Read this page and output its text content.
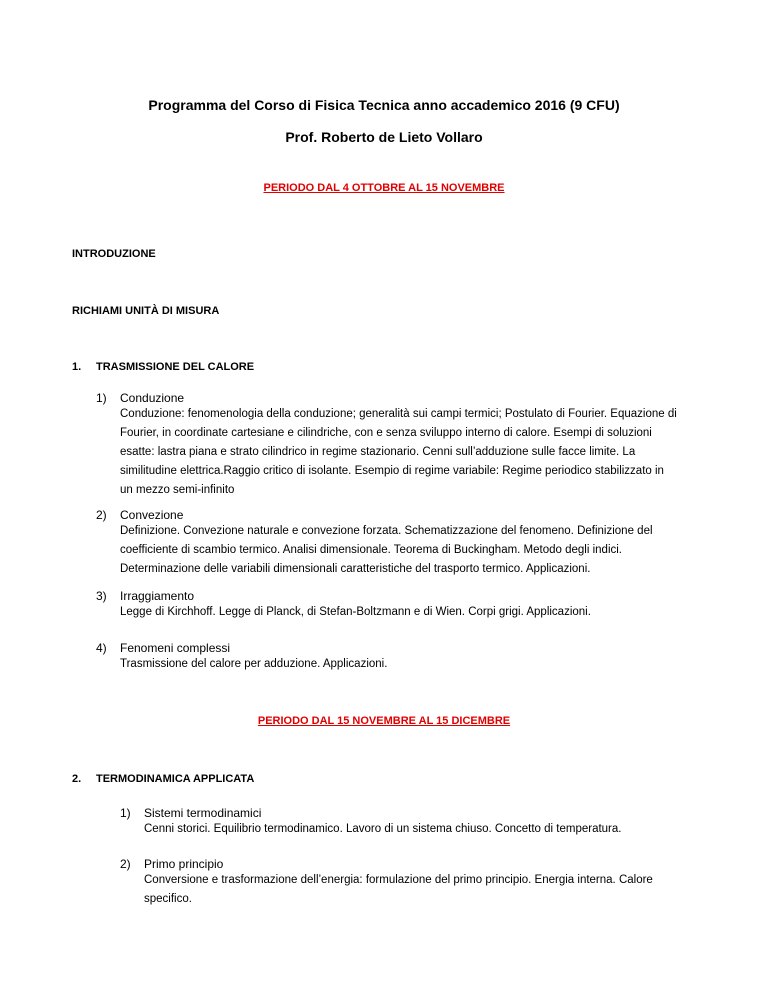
Programma del Corso di Fisica Tecnica anno accademico 2016 (9 CFU)
Prof. Roberto de Lieto Vollaro
PERIODO DAL 4 OTTOBRE AL 15 NOVEMBRE
INTRODUZIONE
RICHIAMI UNITÀ DI MISURA
1. TRASMISSIONE DEL CALORE
1) Conduzione
Conduzione: fenomenologia della conduzione; generalità sui campi termici; Postulato di Fourier. Equazione di
Fourier, in coordinate cartesiane e cilindriche, con e senza sviluppo interno di calore. Esempi di soluzioni
esatte: lastra piana e strato cilindrico in regime stazionario. Cenni sull’adduzione sulle facce limite. La
similitudine elettrica.Raggio critico di isolante. Esempio di regime variabile: Regime periodico stabilizzato in
un mezzo semi-infinito
2) Convezione
Definizione. Convezione naturale e convezione forzata. Schematizzazione del fenomeno. Definizione del
coefficiente di scambio termico. Analisi dimensionale. Teorema di Buckingham. Metodo degli indici.
Determinazione delle variabili dimensionali caratteristiche del trasporto termico. Applicazioni.
3) Irraggiamento
Legge di Kirchhoff. Legge di Planck, di Stefan-Boltzmann e di Wien. Corpi grigi. Applicazioni.
4) Fenomeni complessi
Trasmissione del calore per adduzione. Applicazioni.
PERIODO DAL 15 NOVEMBRE AL 15 DICEMBRE
2. TERMODINAMICA APPLICATA
1) Sistemi termodinamici
Cenni storici. Equilibrio termodinamico. Lavoro di un sistema chiuso. Concetto di temperatura.
2) Primo principio
Conversione e trasformazione dell’energia: formulazione del primo principio. Energia interna. Calore
specifico.
